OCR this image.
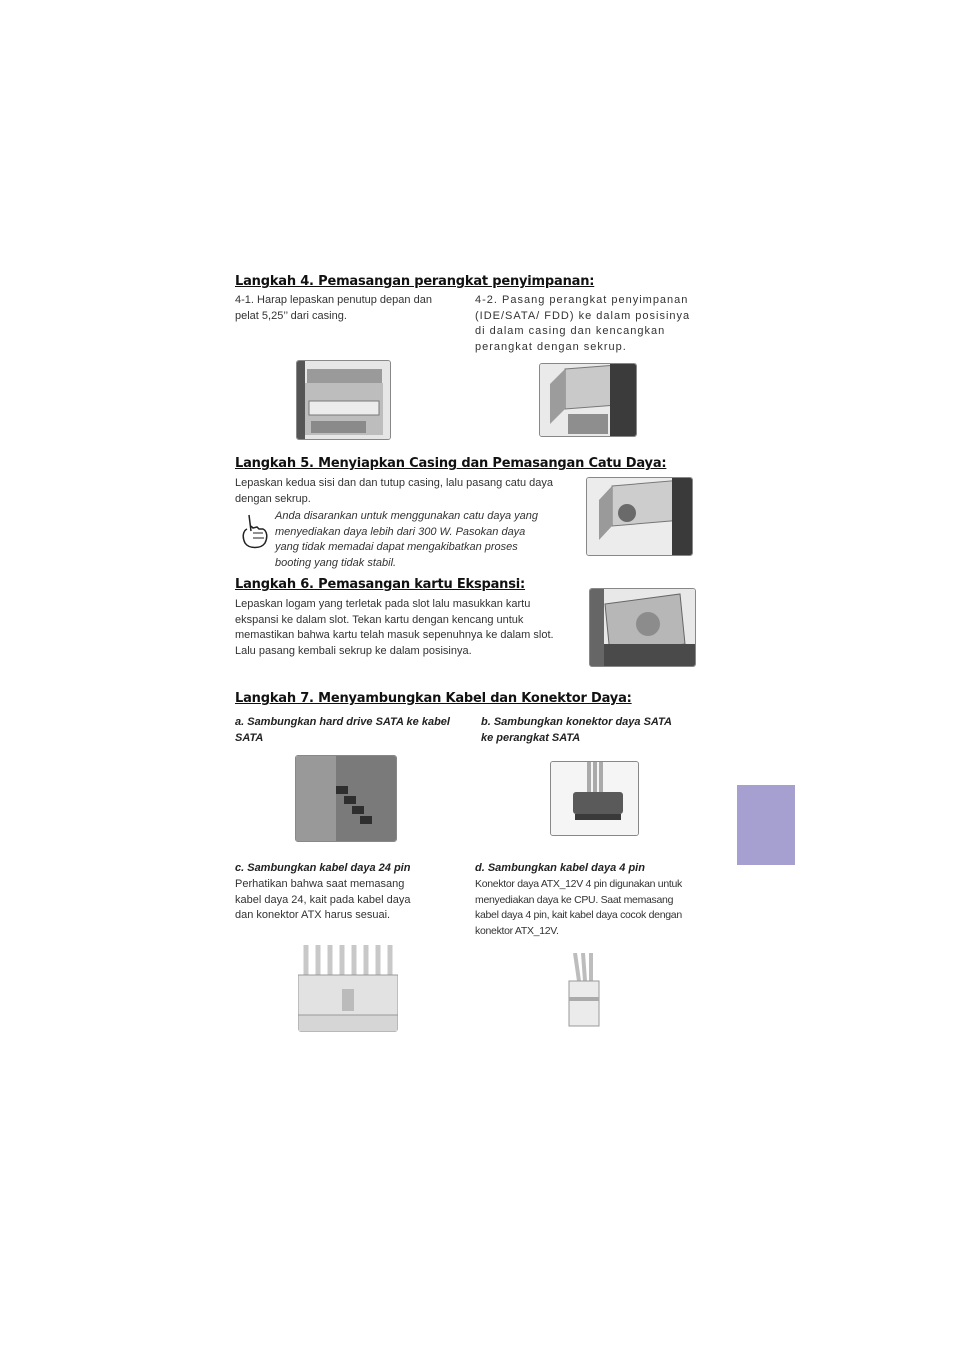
Langkah 4. Pemasangan perangkat penyimpanan:
4-1. Harap lepaskan penutup depan dan
pelat 5,25’’ dari casing.
4-2. Pasang perangkat penyimpanan
(IDE/SATA/ FDD) ke dalam posisinya
di dalam casing dan kencangkan
perangkat dengan sekrup.
Langkah 5. Menyiapkan Casing dan Pemasangan Catu Daya:
Lepaskan kedua sisi dan dan tutup casing, lalu pasang catu daya
dengan sekrup.
Anda disarankan untuk menggunakan catu daya yang
menyediakan daya lebih dari 300 W. Pasokan daya
yang tidak memadai dapat mengakibatkan proses
booting yang tidak stabil.
Langkah 6. Pemasangan kartu Ekspansi:
Lepaskan logam yang terletak pada slot lalu masukkan kartu
ekspansi ke dalam slot. Tekan kartu dengan kencang untuk
memastikan bahwa kartu telah masuk sepenuhnya ke dalam slot.
Lalu pasang kembali sekrup ke dalam posisinya.
Langkah 7. Menyambungkan Kabel dan Konektor Daya:
a. Sambungkan hard drive SATA ke kabel
SATA
b. Sambungkan konektor daya SATA
ke perangkat SATA
c. Sambungkan kabel daya 24 pin
Perhatikan bahwa saat memasang
kabel daya 24, kait pada kabel daya
dan konektor ATX harus sesuai.
d. Sambungkan kabel daya 4 pin
Konektor daya ATX_12V 4 pin digunakan untuk
menyediakan daya ke CPU. Saat memasang
kabel daya 4 pin, kait kabel daya cocok dengan
konektor ATX_12V.
